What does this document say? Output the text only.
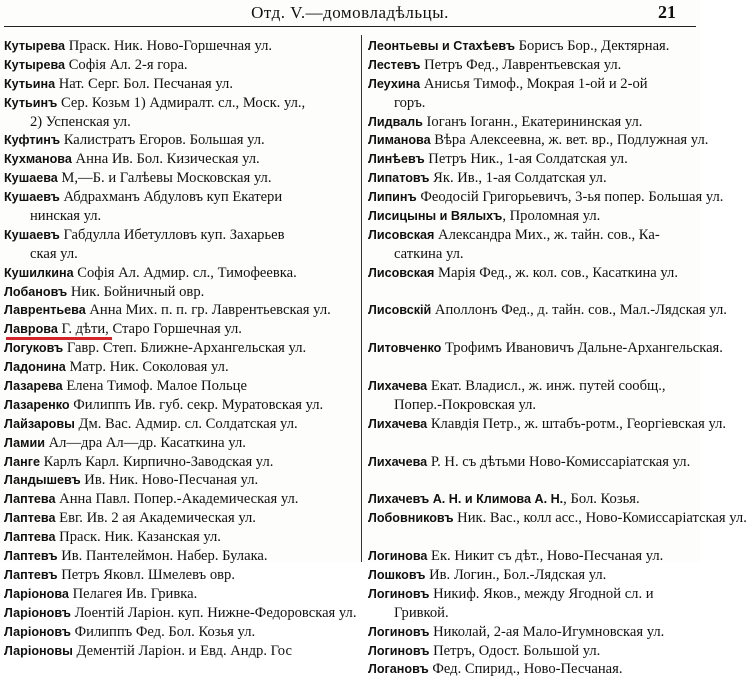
Отд. V.—домовладѣльцы.	21
Кутырева Праск. Ник. Ново-Горшечная ул.
Кутырева Софія Ал. 2-я гора.
Кутьина Нат. Серг. Бол. Песчаная ул.
Кутьинъ Сер. Козьм 1) Адмиралт. сл., Моск. ул.,
2) Успенская ул.
Куфтинъ Калистратъ Егоров. Большая ул.
Кухманова Анна Ив. Бол. Кизическая ул.
Кушаева М,—Б. и Галѣевы Московская ул.
Кушаевъ Абдрахманъ Абдуловъ куп Екатери
нинская ул.
Кушаевъ Габдулла Ибетулловъ куп. Захарьев
ская ул.
Кушилкина Софія Ал. Адмир. сл., Тимофеевка.
Лобановъ Ник. Бойничный овр.
Лаврентьева Анна Мих. п. п. гр. Лаврентьевская ул.
Лаврова Г. дѣти, Старо Горшечная ул.
Логуковъ Гавр. Степ. Ближне-Архангельская ул.
Ладонина Матр. Ник. Соколовая ул.
Лазарева Елена Тимоф. Малое Польце
Лазаренко Филиппъ Ив. губ. секр. Муратовская ул.
Лайзаровы Дм. Вас. Адмир. сл. Солдатская ул.
Ламии Ал—дра Ал—др. Касаткина ул.
Ланге Карлъ Карл. Кирпично-Заводская ул.
Ландышевъ Ив. Ник. Ново-Песчаная ул.
Лаптева Анна Павл. Попер.-Академическая ул.
Лаптева Евг. Ив. 2 ая Академическая ул.
Лаптева Праск. Ник. Казанская ул.
Лаптевъ Ив. Пантелеймон. Набер. Булака.
Лаптевъ Петръ Яковл. Шмелевъ овр.
Ларіонова Пелагея Ив. Гривка.
Ларіоновъ Лоентій Ларіон. куп. Нижне-Федоровская ул.
Ларіоновъ Филиппъ Фед. Бол. Козья ул.
Ларіоновы Дементій Ларіон. и Евд. Андр. Гос
Леонтьевы и Стахѣевъ Борисъ Бор., Дектярная.
Лестевъ Петръ Фед., Лаврентьевская ул.
Леухина Анисья Тимоф., Мокрая 1-ой и 2-ой
горъ.
Лидваль Іоганъ Іоганн., Екатерининская ул.
Лиманова Вѣра Алексеевна, ж. вет. вр., Подлужная ул.
Линѣевъ Петръ Ник., 1-ая Солдатская ул.
Липатовъ Як. Ив., 1-ая Солдатская ул.
Липинъ Феодосій Григорьевичъ, 3-ья попер. Большая ул.
Лисицыны и Вялыхъ, Проломная ул.
Лисовская Александра Мих., ж. тайн. сов., Ка-
саткина ул.
Лисовская Марія Фед., ж. кол. сов., Касаткина ул.
Лисовскій Аполлонъ Фед., д. тайн. сов., Мал.-Лядская ул.
Литовченко Трофимъ Ивановичъ Дальне-Архангельская.
Лихачева Екат. Владисл., ж. инж. путей сообщ.,
Попер.-Покровская ул.
Лихачева Клавдія Петр., ж. штабъ-ротм., Георгіевская ул.
Лихачева Р. Н. съ дѣтьми Ново-Комиссаріатская ул.
Лихачевъ А. Н. и Климова А. Н., Бол. Козья.
Лобовниковъ Ник. Вас., колл асс., Ново-Комиссаріатская ул.
Логинова Ек. Никит съ дѣт., Ново-Песчаная ул.
Лошковъ Ив. Логин., Бол.-Лядская ул.
Логиновъ Никиф. Яков., между Ягодной сл. и
Гривкой.
Логиновъ Николай, 2-ая Мало-Игумновская ул.
Логиновъ Петръ, Одост. Большой ул.
Логановъ Фед. Спирид., Ново-Песчаная.
